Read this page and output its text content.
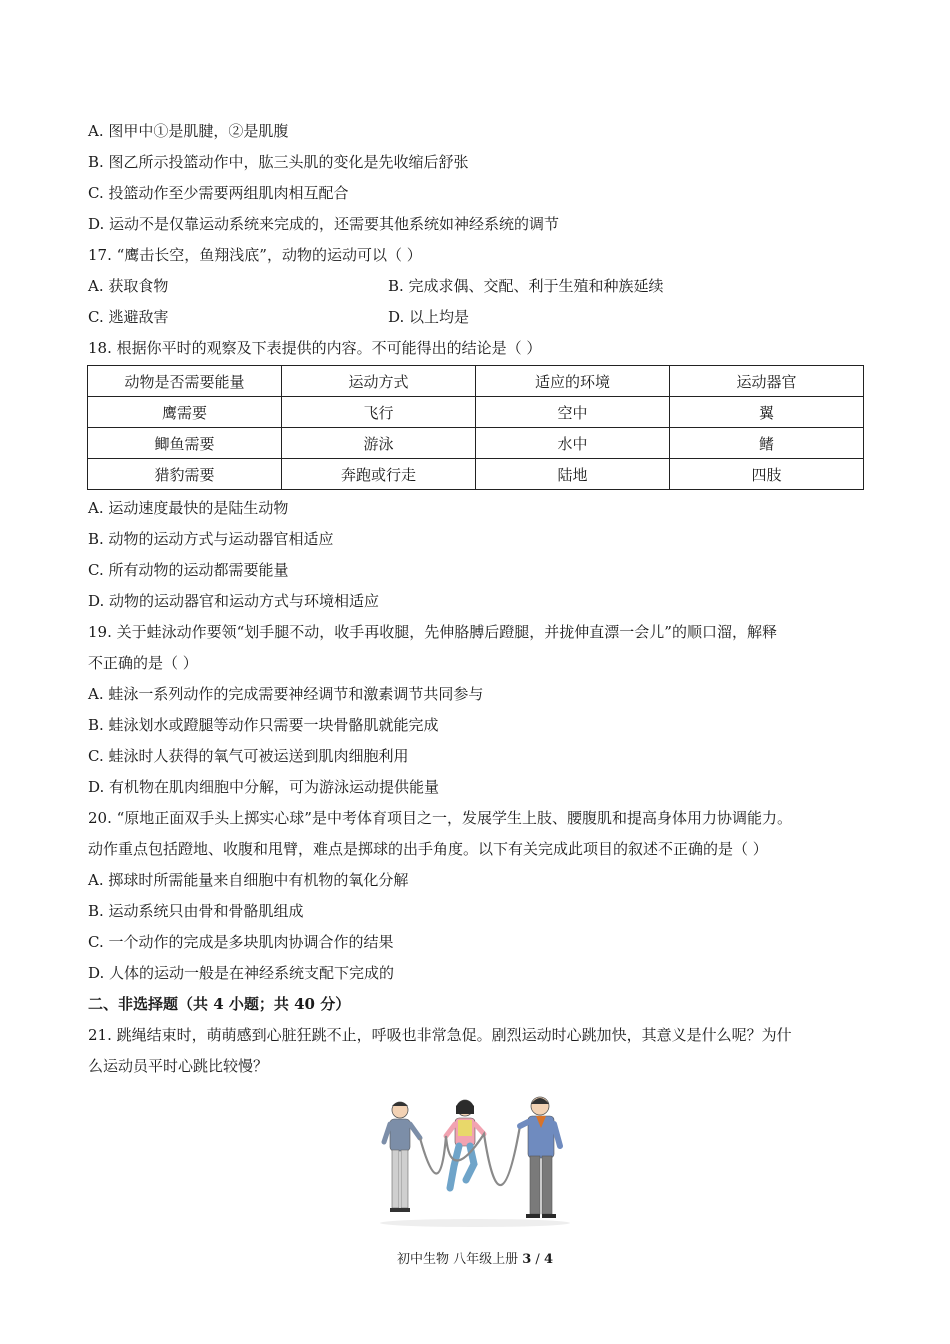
A. 图甲中①是肌腱，②是肌腹
B. 图乙所示投篮动作中，肱三头肌的变化是先收缩后舒张
C. 投篮动作至少需要两组肌肉相互配合
D. 运动不是仅靠运动系统来完成的，还需要其他系统如神经系统的调节
17. “鹰击长空，鱼翔浅底”，动物的运动可以（ ）
A. 获取食物	B. 完成求偶、交配、利于生殖和种族延续
C. 逃避敌害	D. 以上均是
18. 根据你平时的观察及下表提供的内容。不可能得出的结论是（ ）
动物是否需要能量	运动方式	适应的环境	运动器官
鹰需要	飞行	空中	翼
鲫鱼需要	游泳	水中	鳍
猎豹需要	奔跑或行走	陆地	四肢
A. 运动速度最快的是陆生动物
B. 动物的运动方式与运动器官相适应
C. 所有动物的运动都需要能量
D. 动物的运动器官和运动方式与环境相适应
19. 关于蛙泳动作要领“划手腿不动，收手再收腿，先伸胳膊后蹬腿，并拢伸直漂一会儿”的顺口溜，解释
不正确的是（ ）
A. 蛙泳一系列动作的完成需要神经调节和激素调节共同参与
B. 蛙泳划水或蹬腿等动作只需要一块骨骼肌就能完成
C. 蛙泳时人获得的氧气可被运送到肌肉细胞利用
D. 有机物在肌肉细胞中分解，可为游泳运动提供能量
20. “原地正面双手头上掷实心球”是中考体育项目之一，发展学生上肢、腰腹肌和提高身体用力协调能力。
动作重点包括蹬地、收腹和甩臂，难点是掷球的出手角度。以下有关完成此项目的叙述不正确的是（ ）
A. 掷球时所需能量来自细胞中有机物的氧化分解
B. 运动系统只由骨和骨骼肌组成
C. 一个动作的完成是多块肌肉协调合作的结果
D. 人体的运动一般是在神经系统支配下完成的
二、非选择题（共 4 小题；共 40 分）
21. 跳绳结束时，萌萌感到心脏狂跳不止，呼吸也非常急促。剧烈运动时心跳加快，其意义是什么呢？为什
么运动员平时心跳比较慢？
初中生物 八年级上册 3 / 4
